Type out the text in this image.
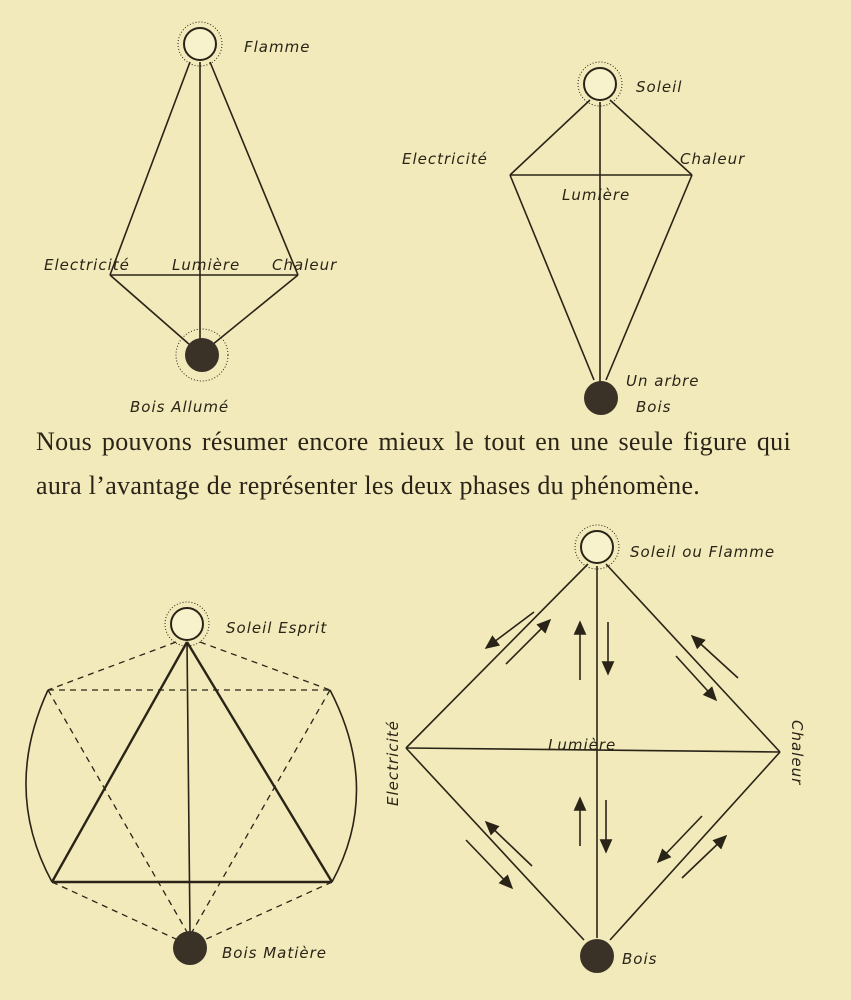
Flamme
Electricité	Lumière Chaleur
Bois Allumé
Soleil
Electricité
Lumière
Chaleur
Un arbre
Bois
Soleil Esprit
Bois Matière
Soleil ou Flamme
Electricité	Lumière	Chaleur
Bois

Nous pouvons résumer encore mieux le tout en une seule figure qui aura l’avantage de représenter les deux phases du phénomène.
